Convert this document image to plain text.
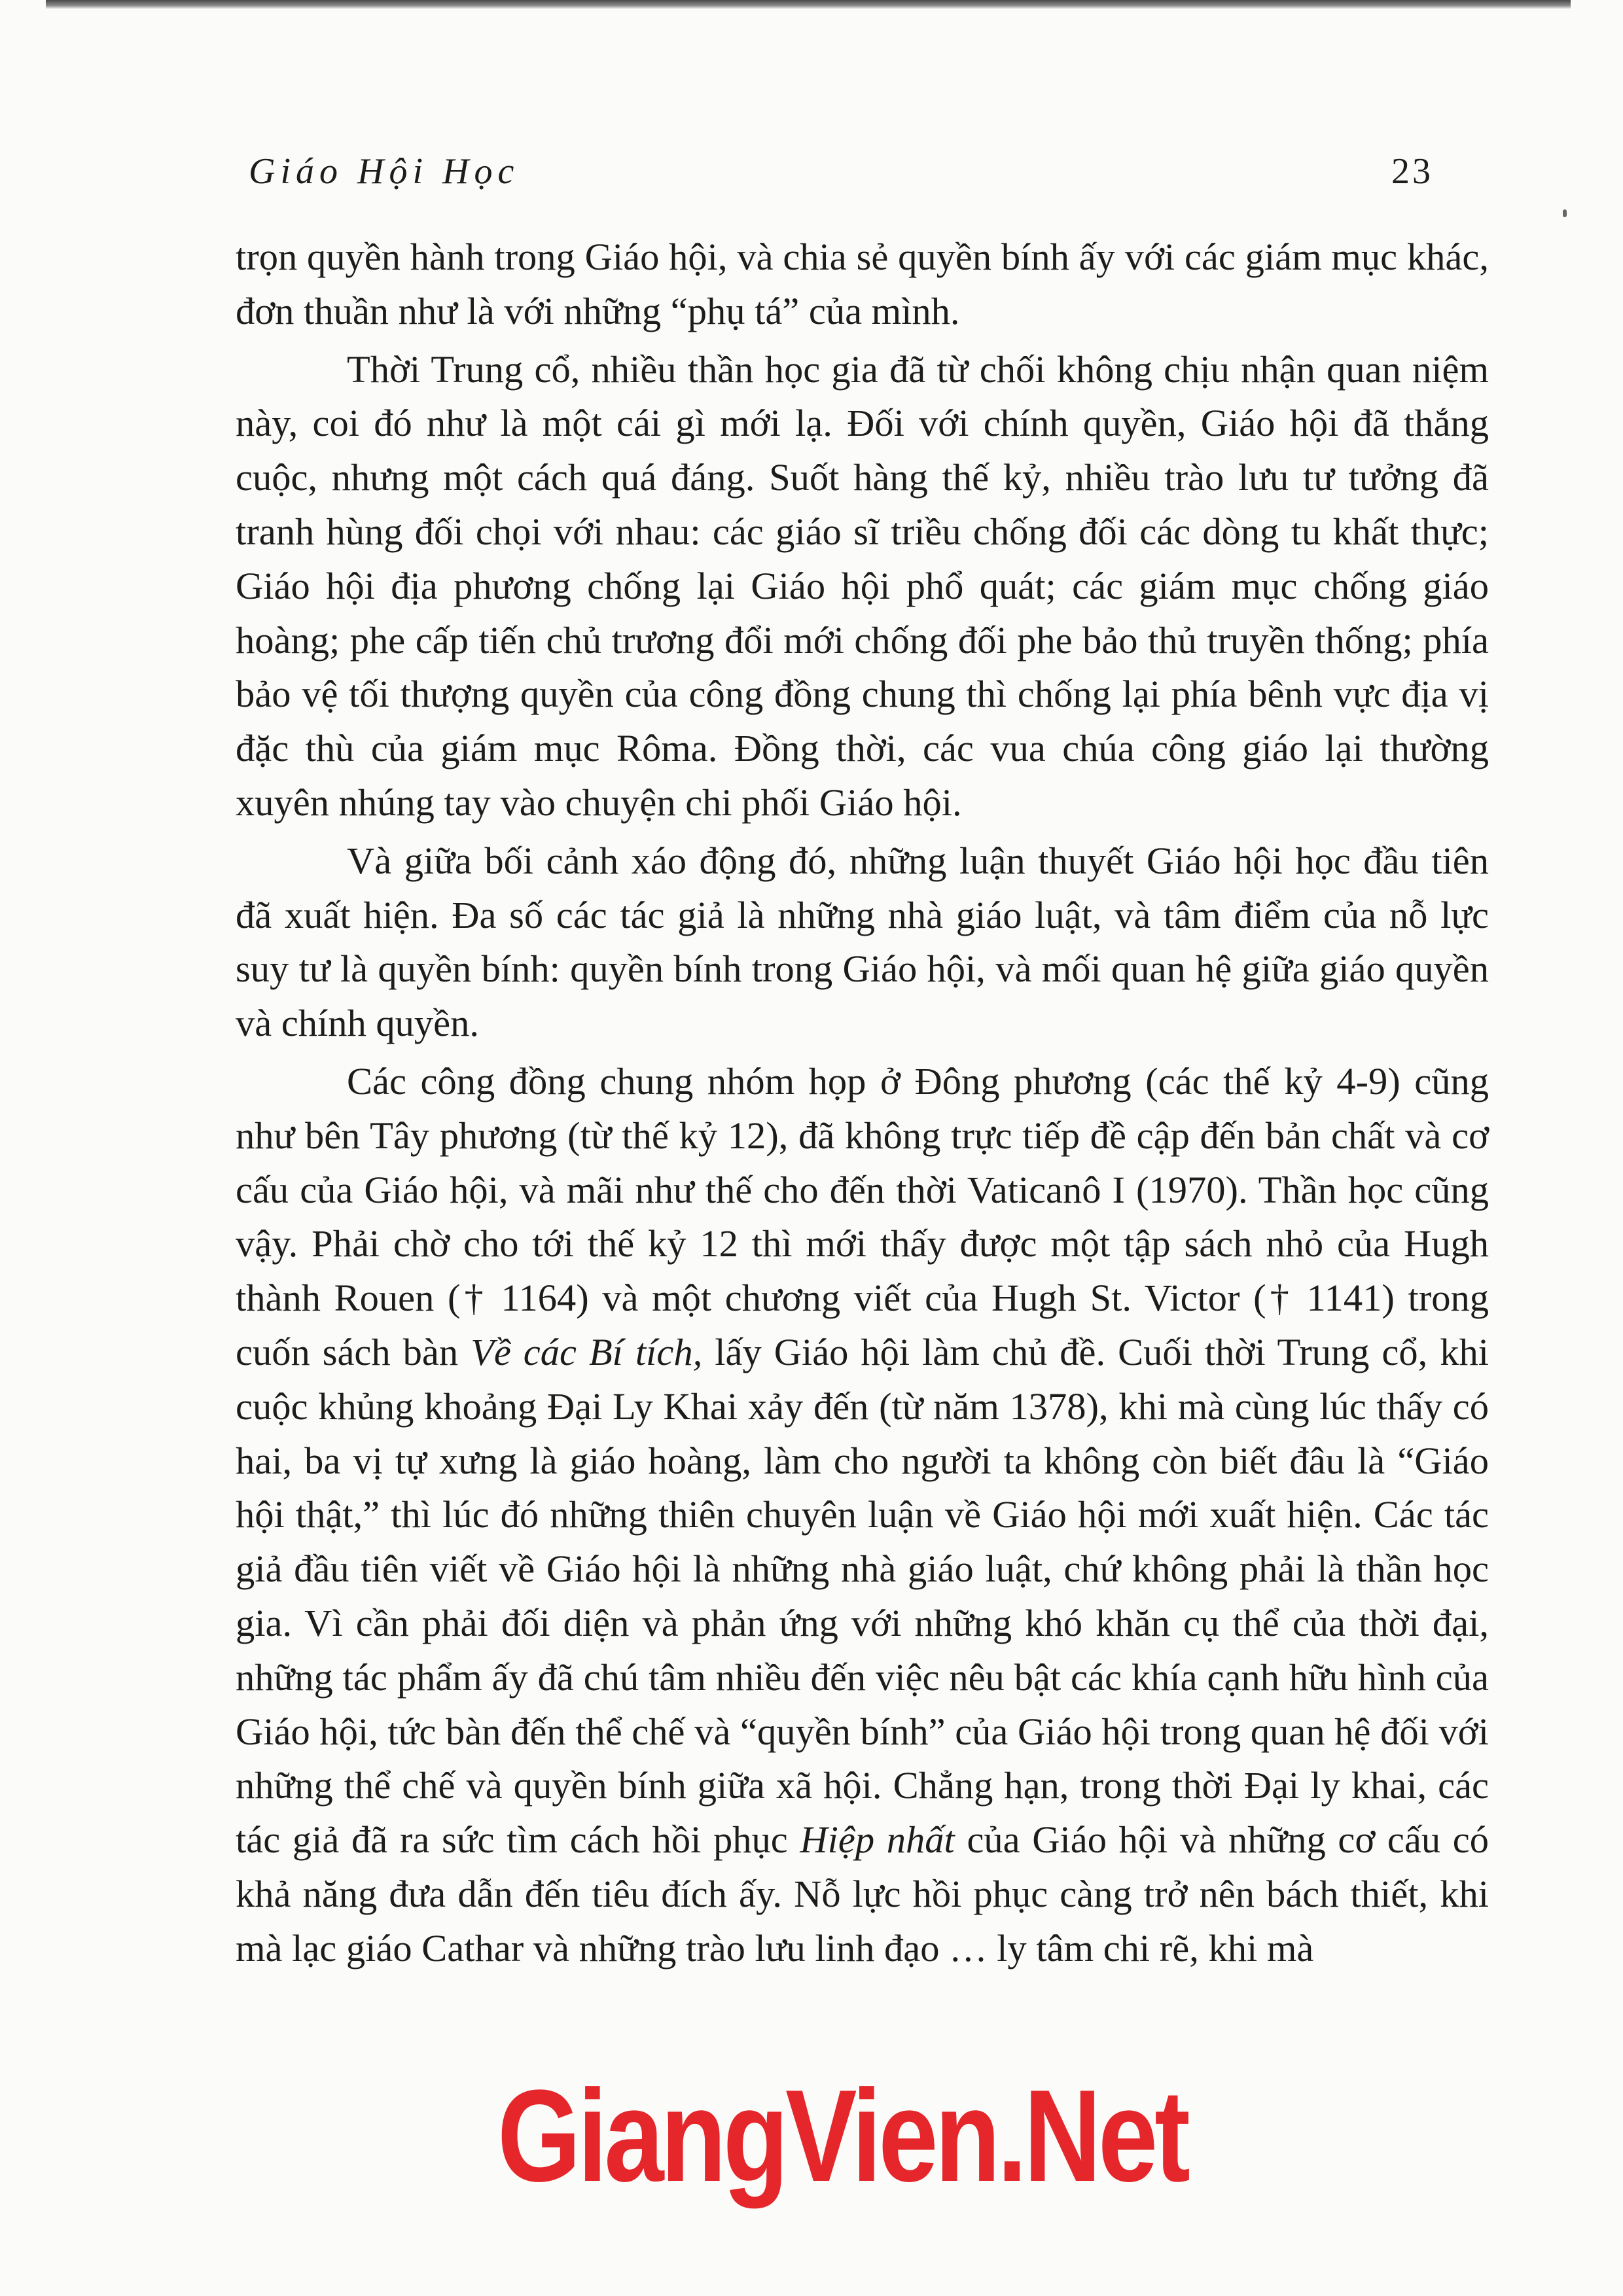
Giáo Hội Học	23

trọn quyền hành trong Giáo hội, và chia sẻ quyền bính ấy với các giám mục khác, đơn thuần như là với những “phụ tá” của mình.

Thời Trung cổ, nhiều thần học gia đã từ chối không chịu nhận quan niệm này, coi đó như là một cái gì mới lạ. Đối với chính quyền, Giáo hội đã thắng cuộc, nhưng một cách quá đáng. Suốt hàng thế kỷ, nhiều trào lưu tư tưởng đã tranh hùng đối chọi với nhau: các giáo sĩ triều chống đối các dòng tu khất thực; Giáo hội địa phương chống lại Giáo hội phổ quát; các giám mục chống giáo hoàng; phe cấp tiến chủ trương đổi mới chống đối phe bảo thủ truyền thống; phía bảo vệ tối thượng quyền của công đồng chung thì chống lại phía bênh vực địa vị đặc thù của giám mục Rôma. Đồng thời, các vua chúa công giáo lại thường xuyên nhúng tay vào chuyện chi phối Giáo hội.

Và giữa bối cảnh xáo động đó, những luận thuyết Giáo hội học đầu tiên đã xuất hiện. Đa số các tác giả là những nhà giáo luật, và tâm điểm của nỗ lực suy tư là quyền bính: quyền bính trong Giáo hội, và mối quan hệ giữa giáo quyền và chính quyền.

Các công đồng chung nhóm họp ở Đông phương (các thế kỷ 4-9) cũng như bên Tây phương (từ thế kỷ 12), đã không trực tiếp đề cập đến bản chất và cơ cấu của Giáo hội, và mãi như thế cho đến thời Vaticanô I (1970). Thần học cũng vậy. Phải chờ cho tới thế kỷ 12 thì mới thấy được một tập sách nhỏ của Hugh thành Rouen († 1164) và một chương viết của Hugh St. Victor († 1141) trong cuốn sách bàn Về các Bí tích, lấy Giáo hội làm chủ đề. Cuối thời Trung cổ, khi cuộc khủng khoảng Đại Ly Khai xảy đến (từ năm 1378), khi mà cùng lúc thấy có hai, ba vị tự xưng là giáo hoàng, làm cho người ta không còn biết đâu là “Giáo hội thật,” thì lúc đó những thiên chuyên luận về Giáo hội mới xuất hiện. Các tác giả đầu tiên viết về Giáo hội là những nhà giáo luật, chứ không phải là thần học gia. Vì cần phải đối diện và phản ứng với những khó khăn cụ thể của thời đại, những tác phẩm ấy đã chú tâm nhiều đến việc nêu bật các khía cạnh hữu hình của Giáo hội, tức bàn đến thể chế và “quyền bính” của Giáo hội trong quan hệ đối với những thể chế và quyền bính giữa xã hội. Chẳng hạn, trong thời Đại ly khai, các tác giả đã ra sức tìm cách hồi phục Hiệp nhất của Giáo hội và những cơ cấu có khả năng đưa dẫn đến tiêu đích ấy. Nỗ lực hồi phục càng trở nên bách thiết, khi mà lạc giáo Cathar và những trào lưu linh đạo … ly tâm chi rẽ, khi mà

GiangVien.Net
